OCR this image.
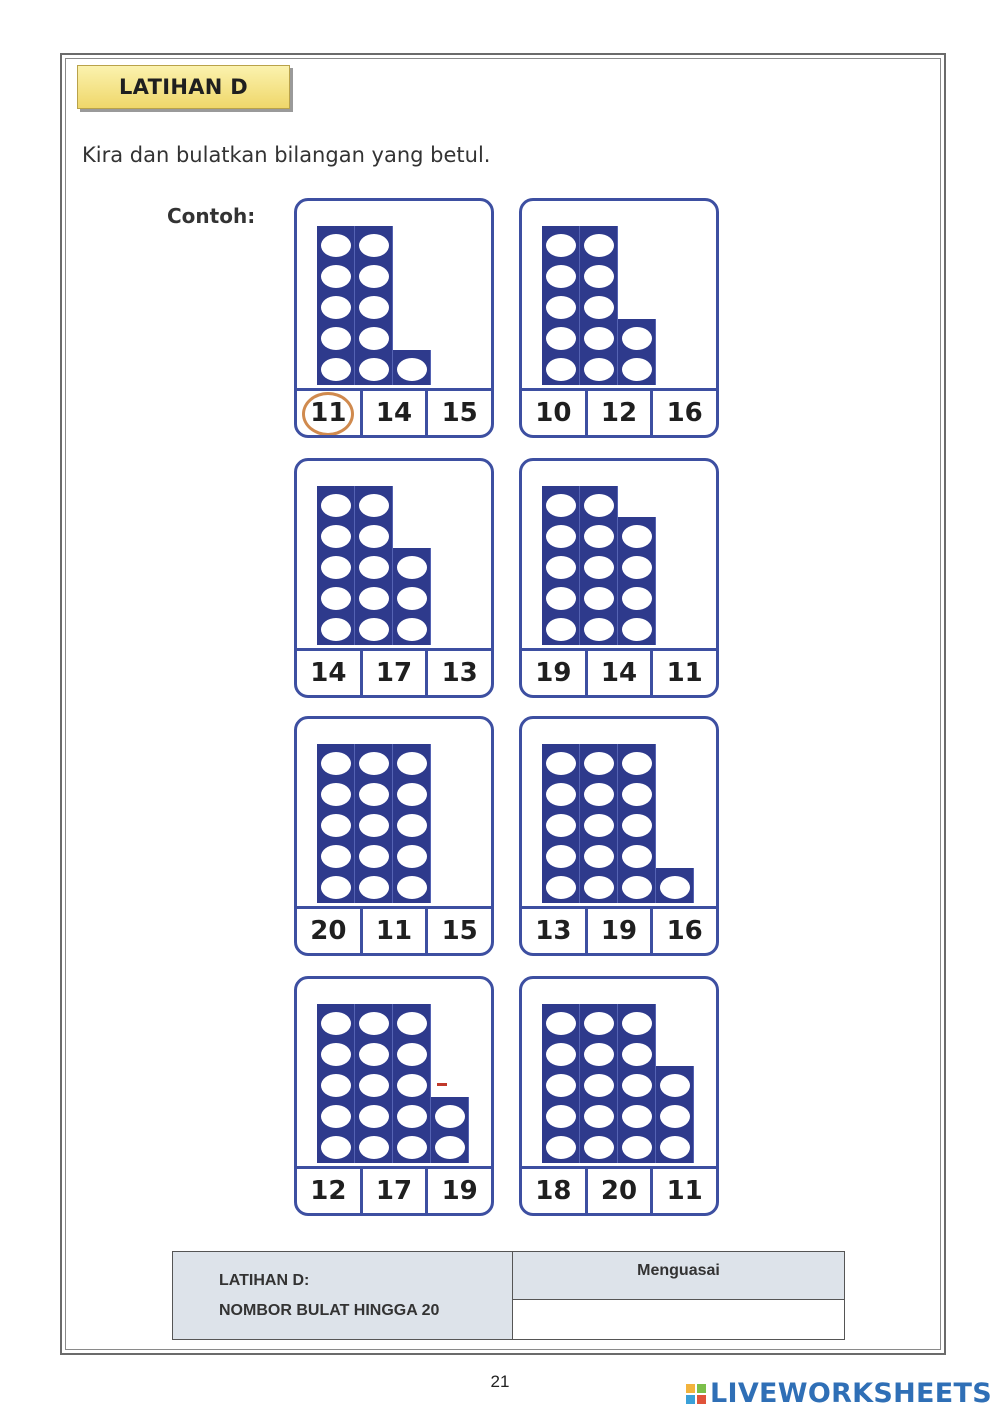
LATIHAN D
Kira dan bulatkan bilangan yang betul.
Contoh:
11	14	15	10	12	16
14	17	13	19	14	11
20	11	15	13	19	16
12	17	19	18	20	11
LATIHAN D:
NOMBOR BULAT HINGGA 20
	Menguasai

21	LIVEWORKSHEETS
